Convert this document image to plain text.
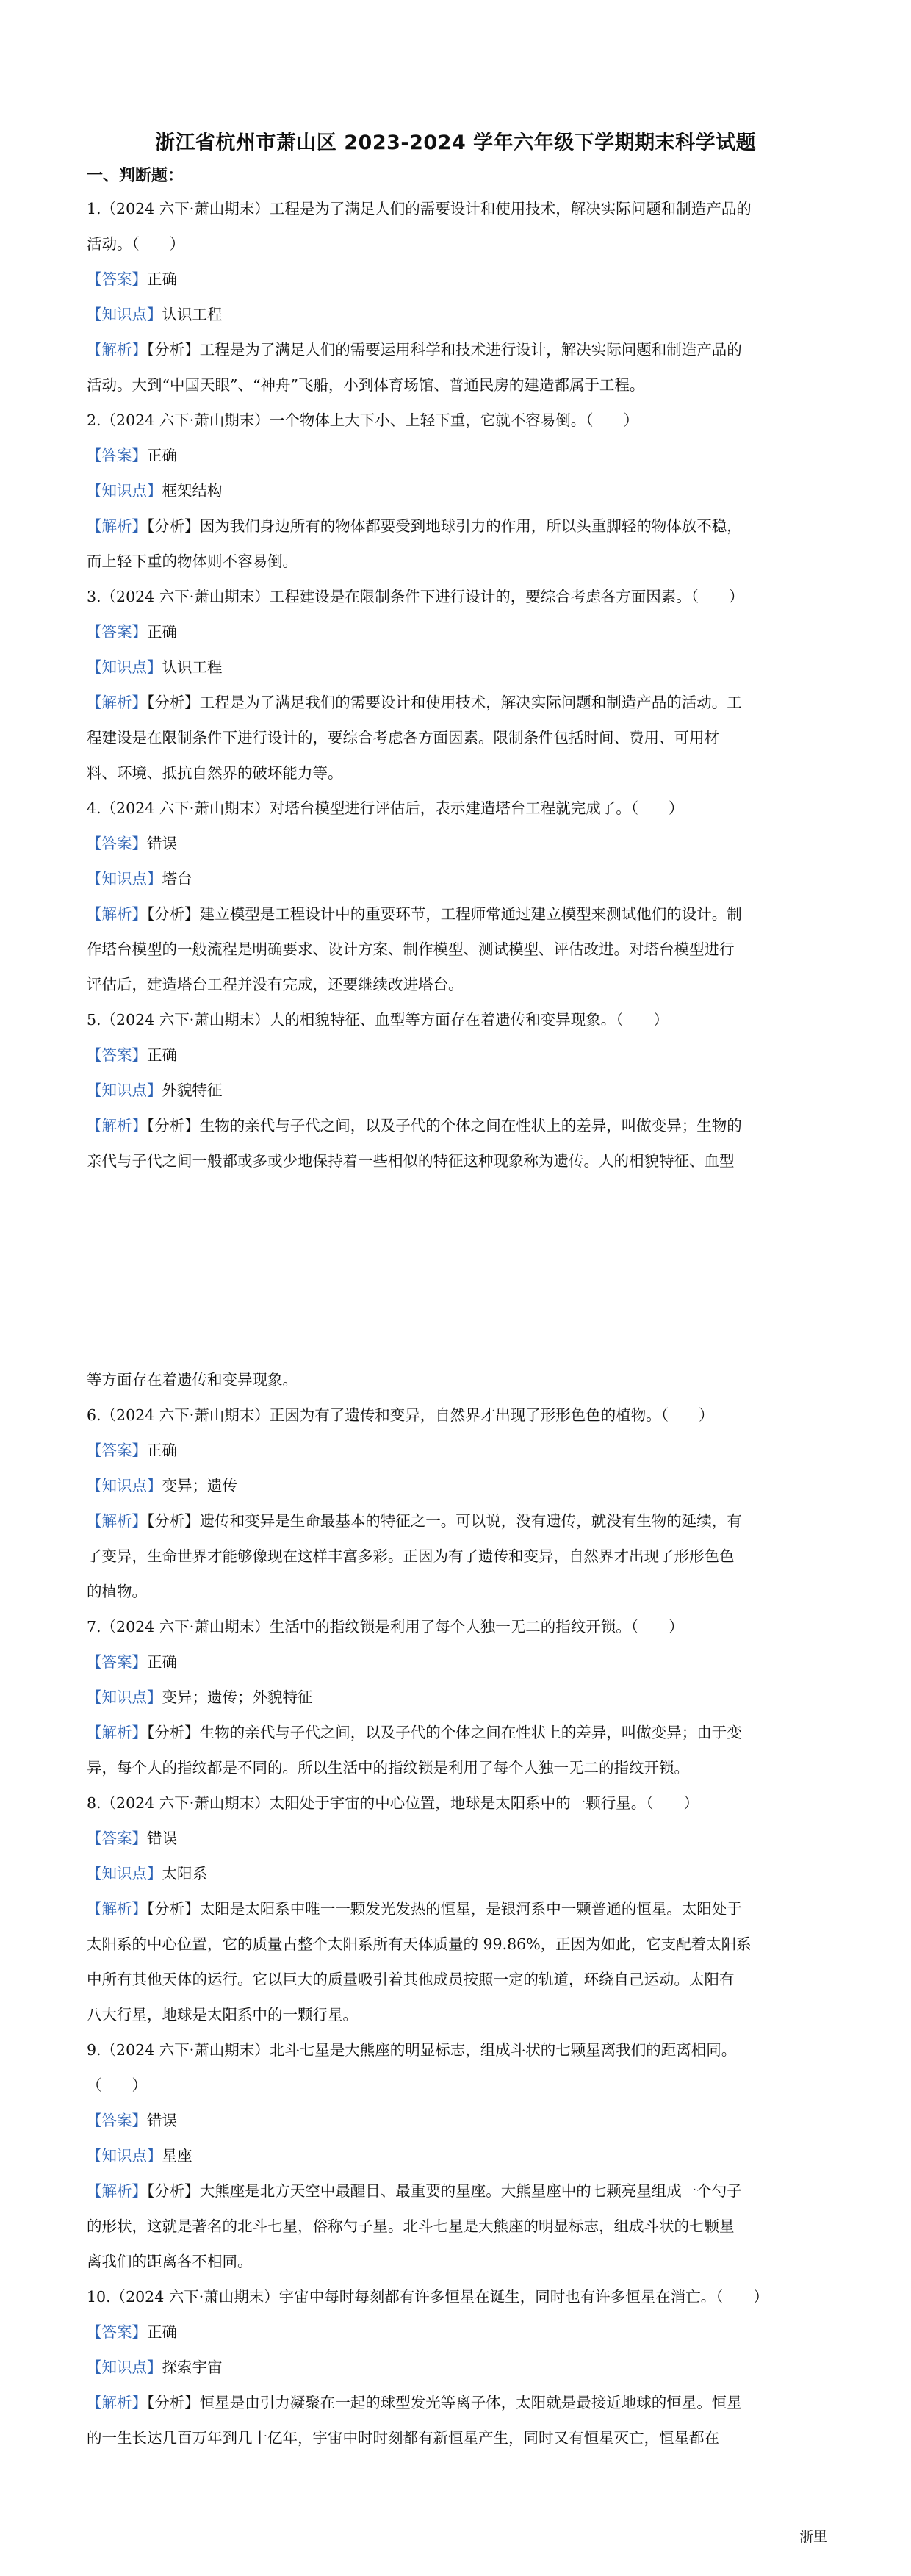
浙江省杭州市萧山区 2023-2024 学年六年级下学期期末科学试题
一、判断题：
1.（2024 六下·萧山期末）工程是为了满足人们的需要设计和使用技术，解决实际问题和制造产品的
活动。（　　）
【答案】正确
【知识点】认识工程
【解析】【分析】工程是为了满足人们的需要运用科学和技术进行设计，解决实际问题和制造产品的
活动。大到“中国天眼”、“神舟”飞船，小到体育场馆、普通民房的建造都属于工程。
2.（2024 六下·萧山期末）一个物体上大下小、上轻下重，它就不容易倒。（　　）
【答案】正确
【知识点】框架结构
【解析】【分析】因为我们身边所有的物体都要受到地球引力的作用，所以头重脚轻的物体放不稳，
而上轻下重的物体则不容易倒。
3.（2024 六下·萧山期末）工程建设是在限制条件下进行设计的，要综合考虑各方面因素。（　　）
【答案】正确
【知识点】认识工程
【解析】【分析】工程是为了满足我们的需要设计和使用技术，解决实际问题和制造产品的活动。工
程建设是在限制条件下进行设计的，要综合考虑各方面因素。限制条件包括时间、费用、可用材
料、环境、抵抗自然界的破坏能力等。
4.（2024 六下·萧山期末）对塔台模型进行评估后，表示建造塔台工程就完成了。（　　）
【答案】错误
【知识点】塔台
【解析】【分析】建立模型是工程设计中的重要环节，工程师常通过建立模型来测试他们的设计。制
作塔台模型的一般流程是明确要求、设计方案、制作模型、测试模型、评估改进。对塔台模型进行
评估后，建造塔台工程并没有完成，还要继续改进塔台。
5.（2024 六下·萧山期末）人的相貌特征、血型等方面存在着遗传和变异现象。（　　）
【答案】正确
【知识点】外貌特征
【解析】【分析】生物的亲代与子代之间，以及子代的个体之间在性状上的差异，叫做变异；生物的
亲代与子代之间一般都或多或少地保持着一些相似的特征这种现象称为遗传。人的相貌特征、血型
等方面存在着遗传和变异现象。
6.（2024 六下·萧山期末）正因为有了遗传和变异，自然界才出现了形形色色的植物。（　　）
【答案】正确
【知识点】变异；遗传
【解析】【分析】遗传和变异是生命最基本的特征之一。可以说，没有遗传，就没有生物的延续，有
了变异，生命世界才能够像现在这样丰富多彩。正因为有了遗传和变异，自然界才出现了形形色色
的植物。
7.（2024 六下·萧山期末）生活中的指纹锁是利用了每个人独一无二的指纹开锁。（　　）
【答案】正确
【知识点】变异；遗传；外貌特征
【解析】【分析】生物的亲代与子代之间，以及子代的个体之间在性状上的差异，叫做变异；由于变
异，每个人的指纹都是不同的。所以生活中的指纹锁是利用了每个人独一无二的指纹开锁。
8.（2024 六下·萧山期末）太阳处于宇宙的中心位置，地球是太阳系中的一颗行星。（　　）
【答案】错误
【知识点】太阳系
【解析】【分析】太阳是太阳系中唯一一颗发光发热的恒星，是银河系中一颗普通的恒星。太阳处于
太阳系的中心位置，它的质量占整个太阳系所有天体质量的 99.86%，正因为如此，它支配着太阳系
中所有其他天体的运行。它以巨大的质量吸引着其他成员按照一定的轨道，环绕自己运动。太阳有
八大行星，地球是太阳系中的一颗行星。
9.（2024 六下·萧山期末）北斗七星是大熊座的明显标志，组成斗状的七颗星离我们的距离相同。
（　　）
【答案】错误
【知识点】星座
【解析】【分析】大熊座是北方天空中最醒目、最重要的星座。大熊星座中的七颗亮星组成一个勺子
的形状，这就是著名的北斗七星，俗称勺子星。北斗七星是大熊座的明显标志，组成斗状的七颗星
离我们的距离各不相同。
10.（2024 六下·萧山期末）宇宙中每时每刻都有许多恒星在诞生，同时也有许多恒星在消亡。（　　）
【答案】正确
【知识点】探索宇宙
【解析】【分析】恒星是由引力凝聚在一起的球型发光等离子体，太阳就是最接近地球的恒星。恒星
的一生长达几百万年到几十亿年，宇宙中时时刻都有新恒星产生，同时又有恒星灭亡，恒星都在
浙里
